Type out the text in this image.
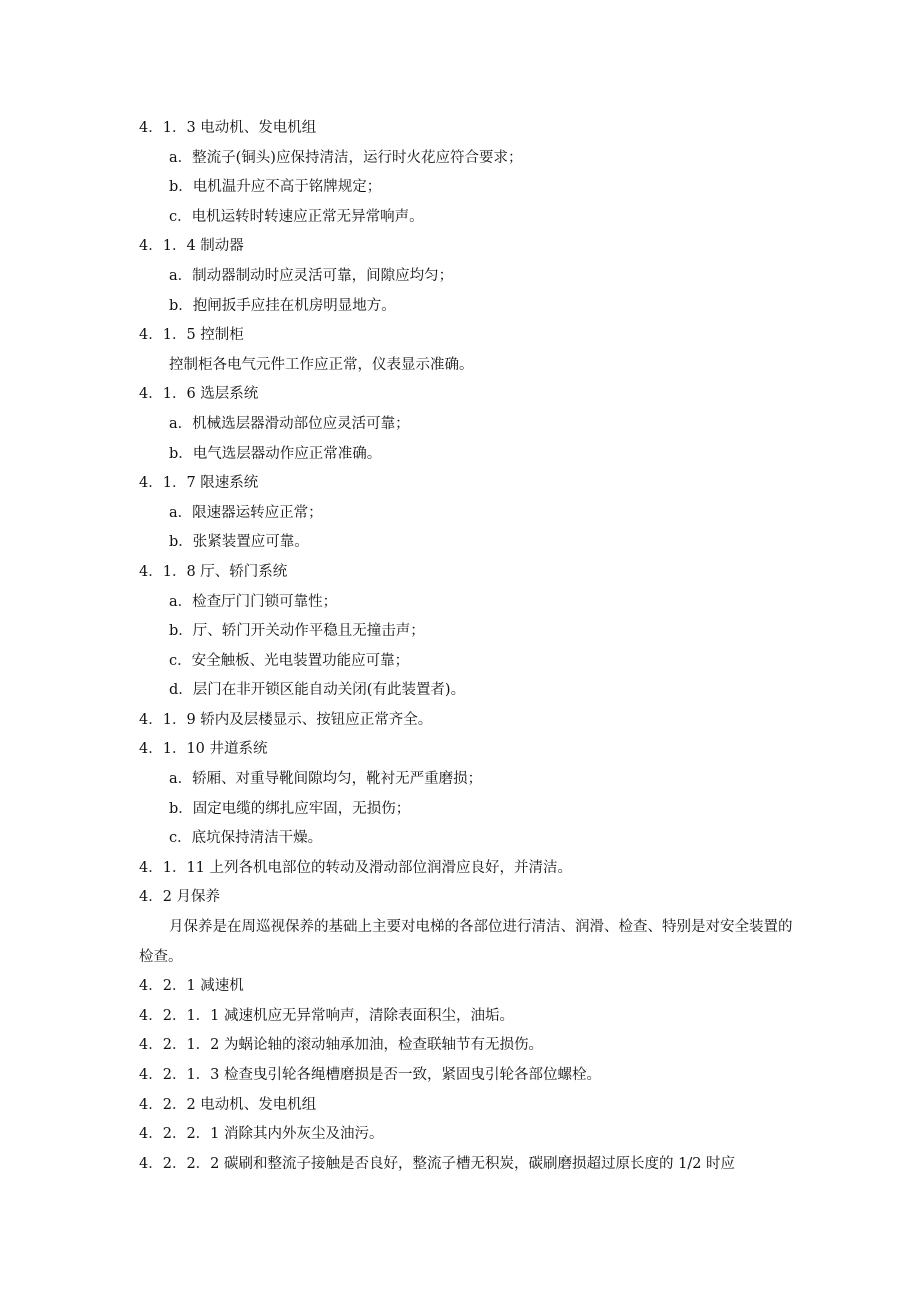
4．1．3 电动机、发电机组
a．整流子(铜头)应保持清洁，运行时火花应符合要求；
b．电机温升应不高于铭牌规定；
c．电机运转时转速应正常无异常响声。
4．1．4 制动器
a．制动器制动时应灵活可靠，间隙应均匀；
b．抱闸扳手应挂在机房明显地方。
4．1．5 控制柜
控制柜各电气元件工作应正常，仪表显示准确。
4．1．6 选层系统
a．机械选层器滑动部位应灵活可靠；
b．电气选层器动作应正常准确。
4．1．7 限速系统
a．限速器运转应正常；
b．张紧装置应可靠。
4．1．8 厅、轿门系统
a．检查厅门门锁可靠性；
b．厅、轿门开关动作平稳且无撞击声；
c．安全触板、光电装置功能应可靠；
d．层门在非开锁区能自动关闭(有此装置者)。
4．1．9 轿内及层楼显示、按钮应正常齐全。
4．1．10 井道系统
a．轿厢、对重导靴间隙均匀，靴衬无严重磨损；
b．固定电缆的绑扎应牢固，无损伤；
c．底坑保持清洁干燥。
4．1．11 上列各机电部位的转动及滑动部位润滑应良好，并清洁。
4．2 月保养
月保养是在周巡视保养的基础上主要对电梯的各部位进行清洁、润滑、检查、特别是对安全装置的检查。
4．2．1 减速机
4．2．1．1 减速机应无异常响声，清除表面积尘，油垢。
4．2．1．2 为蜗论轴的滚动轴承加油，检查联轴节有无损伤。
4．2．1．3 检查曳引轮各绳槽磨损是否一致，紧固曳引轮各部位螺栓。
4．2．2 电动机、发电机组
4．2．2．1 消除其内外灰尘及油污。
4．2．2．2 碳刷和整流子接触是否良好，整流子槽无积炭，碳刷磨损超过原长度的 1/2 时应
